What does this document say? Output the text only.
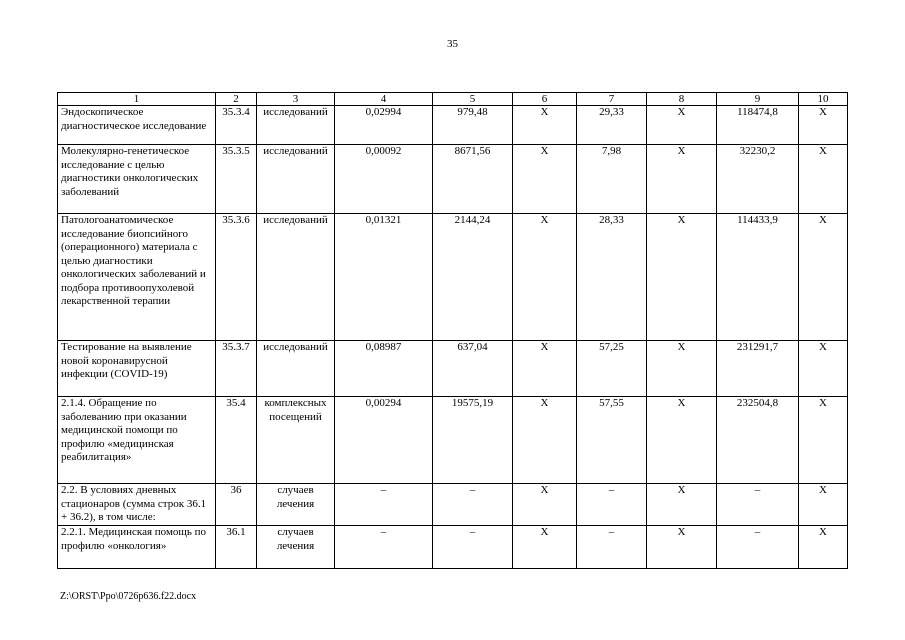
35
1	2	3	4	5	6	7	8	9	10
Эндоскопическое диагностическое исследование	35.3.4	исследований	0,02994	979,48	Х	29,33	Х	118474,8	Х
Молекулярно-генетическое исследование с целью диагностики онкологических заболеваний	35.3.5	исследований	0,00092	8671,56	Х	7,98	Х	32230,2	Х
Патологоанатомическое исследование биопсийного (операционного) материала с целью диагностики онкологических заболеваний и подбора противоопухолевой лекарственной терапии	35.3.6	исследований	0,01321	2144,24	Х	28,33	Х	114433,9	Х
Тестирование на выявление новой коронавирусной инфекции (COVID-19)	35.3.7	исследований	0,08987	637,04	Х	57,25	Х	231291,7	Х
2.1.4. Обращение по заболеванию при оказании медицинской помощи по профилю «медицинская реабилитация»	35.4	комплексных посещений	0,00294	19575,19	Х	57,55	Х	232504,8	Х
2.2. В условиях дневных стационаров (сумма строк 36.1 + 36.2), в том числе:	36	случаев лечения	–	–	Х	–	Х	–	Х
2.2.1. Медицинская помощь по профилю «онкология»	36.1	случаев лечения	–	–	Х	–	Х	–	Х
Z:\ORST\Ppo\0726p636.f22.docx
